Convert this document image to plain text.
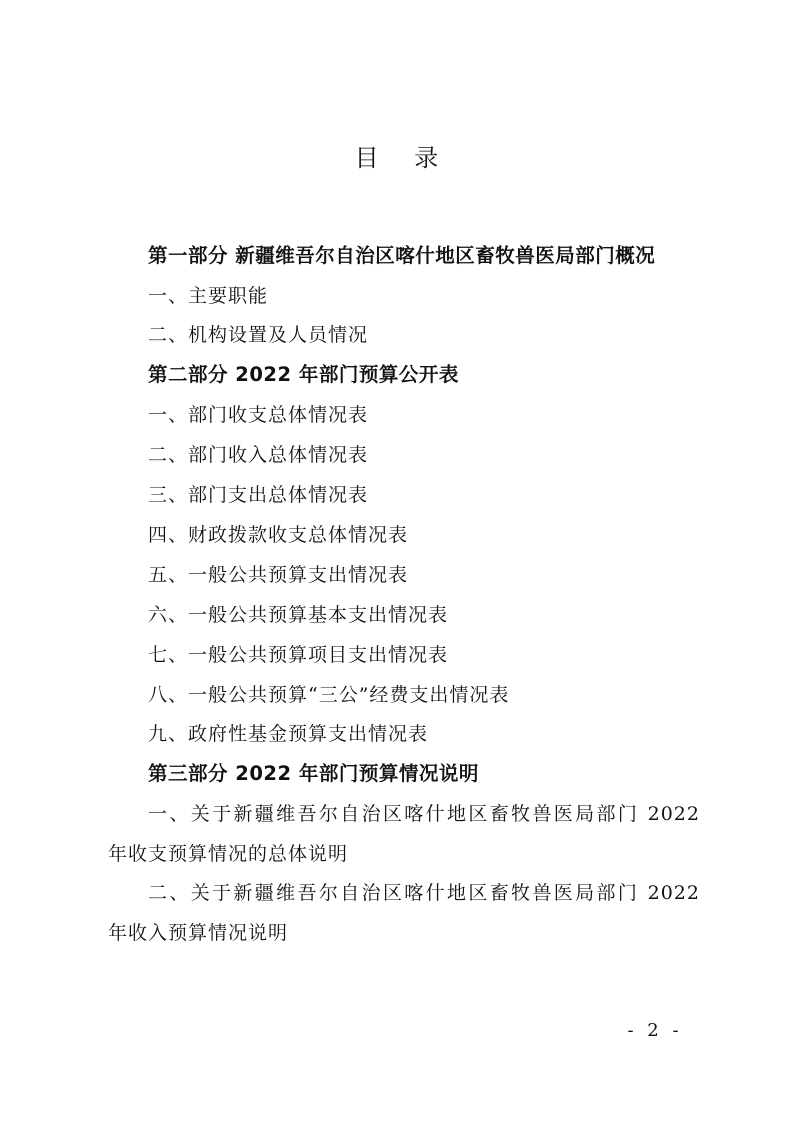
目 录
第一部分 新疆维吾尔自治区喀什地区畜牧兽医局部门概况
一、主要职能
二、机构设置及人员情况
第二部分 2022 年部门预算公开表
一、部门收支总体情况表
二、部门收入总体情况表
三、部门支出总体情况表
四、财政拨款收支总体情况表
五、一般公共预算支出情况表
六、一般公共预算基本支出情况表
七、一般公共预算项目支出情况表
八、一般公共预算“三公”经费支出情况表
九、政府性基金预算支出情况表
第三部分 2022 年部门预算情况说明
一、关于新疆维吾尔自治区喀什地区畜牧兽医局部门 2022
年收支预算情况的总体说明
二、关于新疆维吾尔自治区喀什地区畜牧兽医局部门 2022
年收入预算情况说明
- 2 -
